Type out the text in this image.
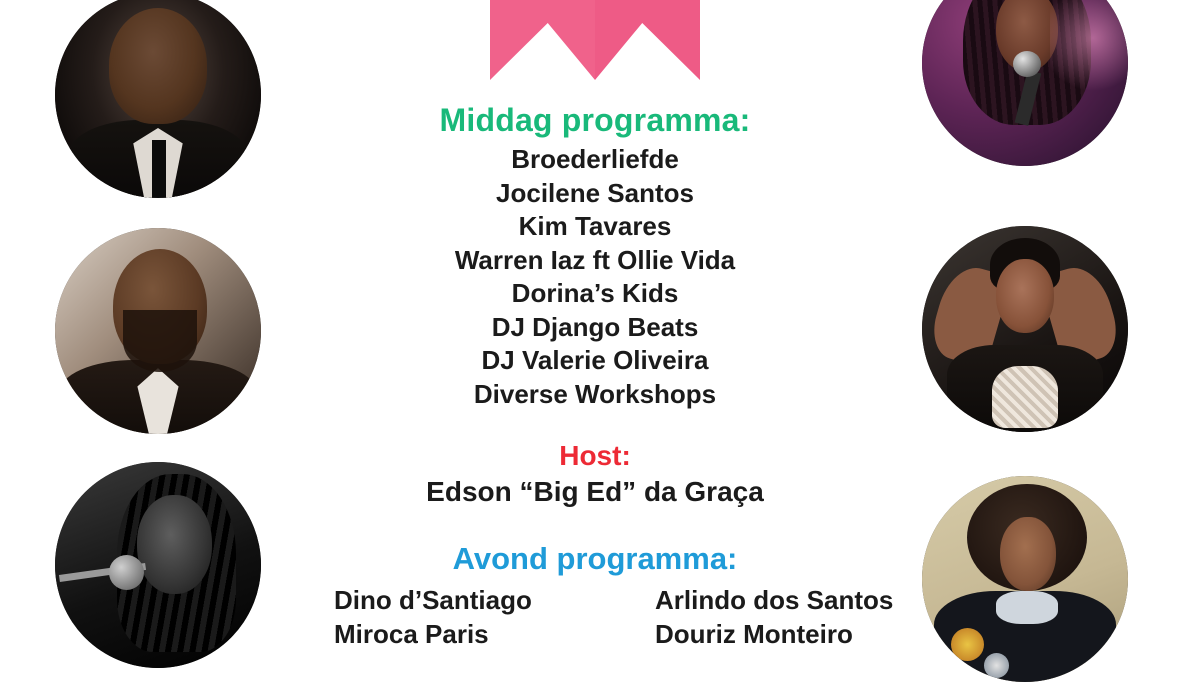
Middag programma:
Broederliefde
Jocilene Santos
Kim Tavares
Warren Iaz ft Ollie Vida
Dorina’s Kids
DJ Django Beats
DJ Valerie Oliveira
Diverse Workshops
Host:
Edson “Big Ed” da Graça
Avond programma:
Dino d’Santiago
Miroca Paris
Arlindo dos Santos
Douriz Monteiro
